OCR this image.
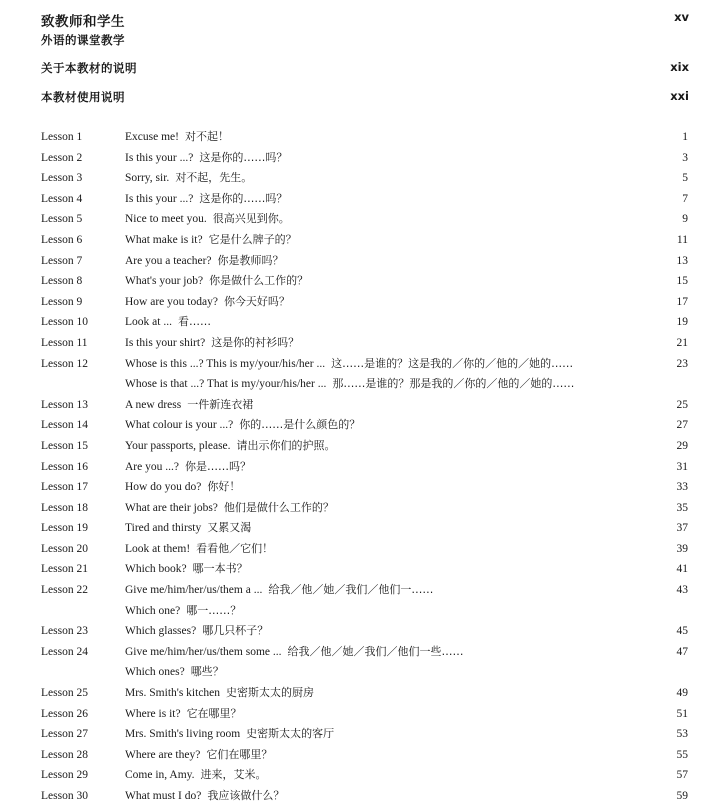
致教师和学生	xv
外语的课堂教学
关于本教材的说明	xix
本教材使用说明	xxi
Lesson 1	Excuse me! 对不起！	1
Lesson 2	Is this your ...? 这是你的……吗？	3
Lesson 3	Sorry, sir. 对不起，先生。	5
Lesson 4	Is this your ...? 这是你的……吗？	7
Lesson 5	Nice to meet you. 很高兴见到你。	9
Lesson 6	What make is it? 它是什么牌子的？	11
Lesson 7	Are you a teacher? 你是教师吗？	13
Lesson 8	What's your job? 你是做什么工作的？	15
Lesson 9	How are you today? 你今天好吗？	17
Lesson 10	Look at ... 看……	19
Lesson 11	Is this your shirt? 这是你的衬衫吗？	21
Lesson 12	Whose is this ...? This is my/your/his/her ... 这……是谁的？这是我的／你的／他的／她的……	23
Whose is that ...? That is my/your/his/her ... 那……是谁的？那是我的／你的／他的／她的……
Lesson 13	A new dress 一件新连衣裙	25
Lesson 14	What colour is your ...? 你的……是什么颜色的？	27
Lesson 15	Your passports, please. 请出示你们的护照。	29
Lesson 16	Are you ...? 你是……吗？	31
Lesson 17	How do you do? 你好！	33
Lesson 18	What are their jobs? 他们是做什么工作的？	35
Lesson 19	Tired and thirsty 又累又渴	37
Lesson 20	Look at them! 看看他／它们！	39
Lesson 21	Which book? 哪一本书？	41
Lesson 22	Give me/him/her/us/them a ... 给我／他／她／我们／他们一……	43
Which one? 哪一……？
Lesson 23	Which glasses? 哪几只杯子？	45
Lesson 24	Give me/him/her/us/them some ... 给我／他／她／我们／他们一些……	47
Which ones? 哪些？
Lesson 25	Mrs. Smith's kitchen 史密斯太太的厨房	49
Lesson 26	Where is it? 它在哪里？	51
Lesson 27	Mrs. Smith's living room 史密斯太太的客厅	53
Lesson 28	Where are they? 它们在哪里？	55
Lesson 29	Come in, Amy. 进来，艾米。	57
Lesson 30	What must I do? 我应该做什么？	59
